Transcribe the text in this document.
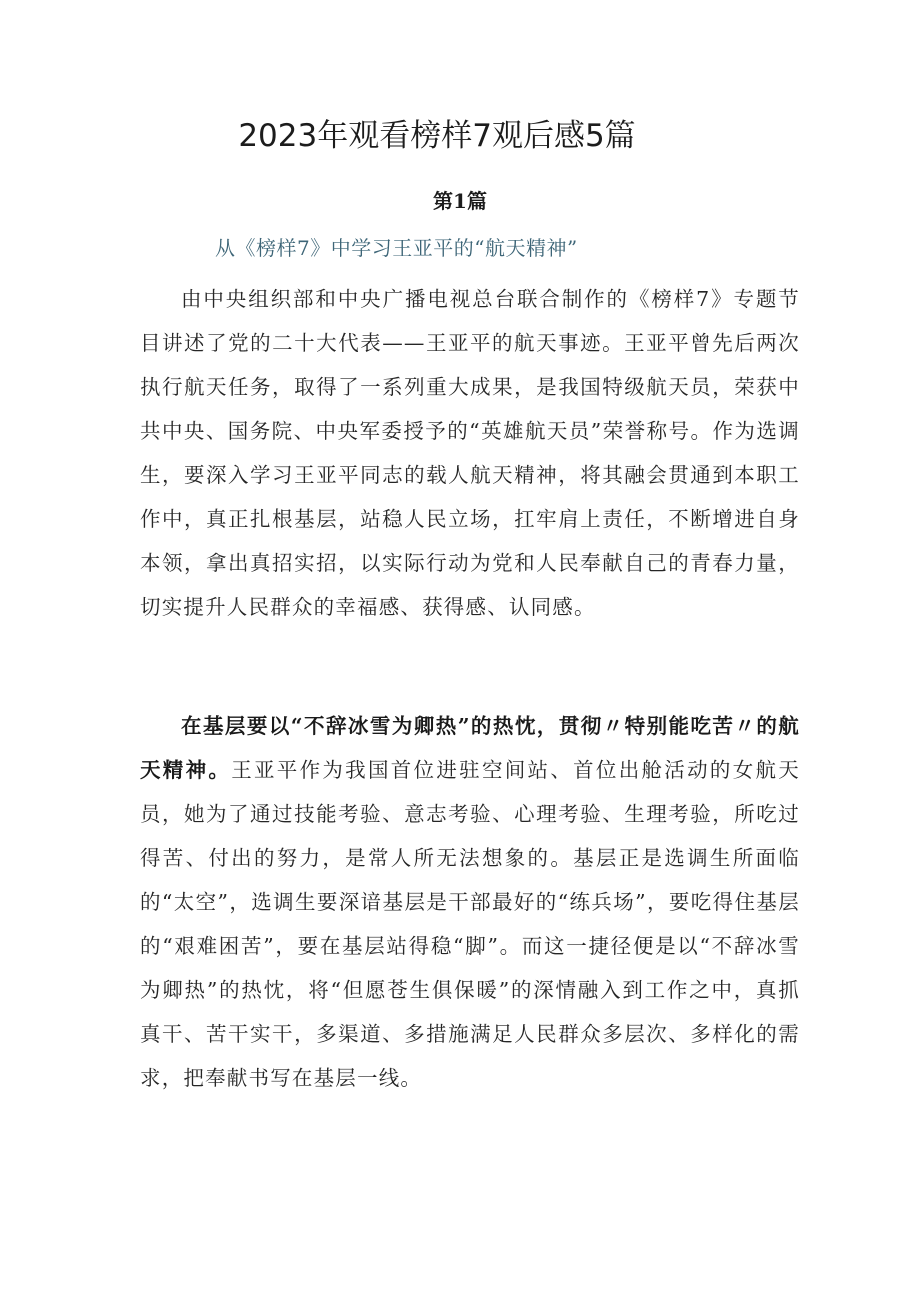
2023年观看榜样7观后感5篇
第1篇

从《榜样7》中学习王亚平的“航天精神”

由中央组织部和中央广播电视总台联合制作的《榜样7》专题节目讲述了党的二十大代表——王亚平的航天事迹。王亚平曾先后两次执行航天任务，取得了一系列重大成果，是我国特级航天员，荣获中共中央、国务院、中央军委授予的“英雄航天员”荣誉称号。作为选调生，要深入学习王亚平同志的载人航天精神，将其融会贯通到本职工作中，真正扎根基层，站稳人民立场，扛牢肩上责任，不断增进自身本领，拿出真招实招，以实际行动为党和人民奉献自己的青春力量，切实提升人民群众的幸福感、获得感、认同感。

在基层要以“不辞冰雪为卿热”的热忱，贯彻〃特别能吃苦〃的航天精神。王亚平作为我国首位进驻空间站、首位出舱活动的女航天员，她为了通过技能考验、意志考验、心理考验、生理考验，所吃过得苦、付出的努力，是常人所无法想象的。基层正是选调生所面临的“太空”，选调生要深谙基层是干部最好的“练兵场”，要吃得住基层的“艰难困苦”，要在基层站得稳“脚”。而这一捷径便是以“不辞冰雪为卿热”的热忱，将“但愿苍生俱保暖”的深情融入到工作之中，真抓真干、苦干实干，多渠道、多措施满足人民群众多层次、多样化的需求，把奉献书写在基层一线。
